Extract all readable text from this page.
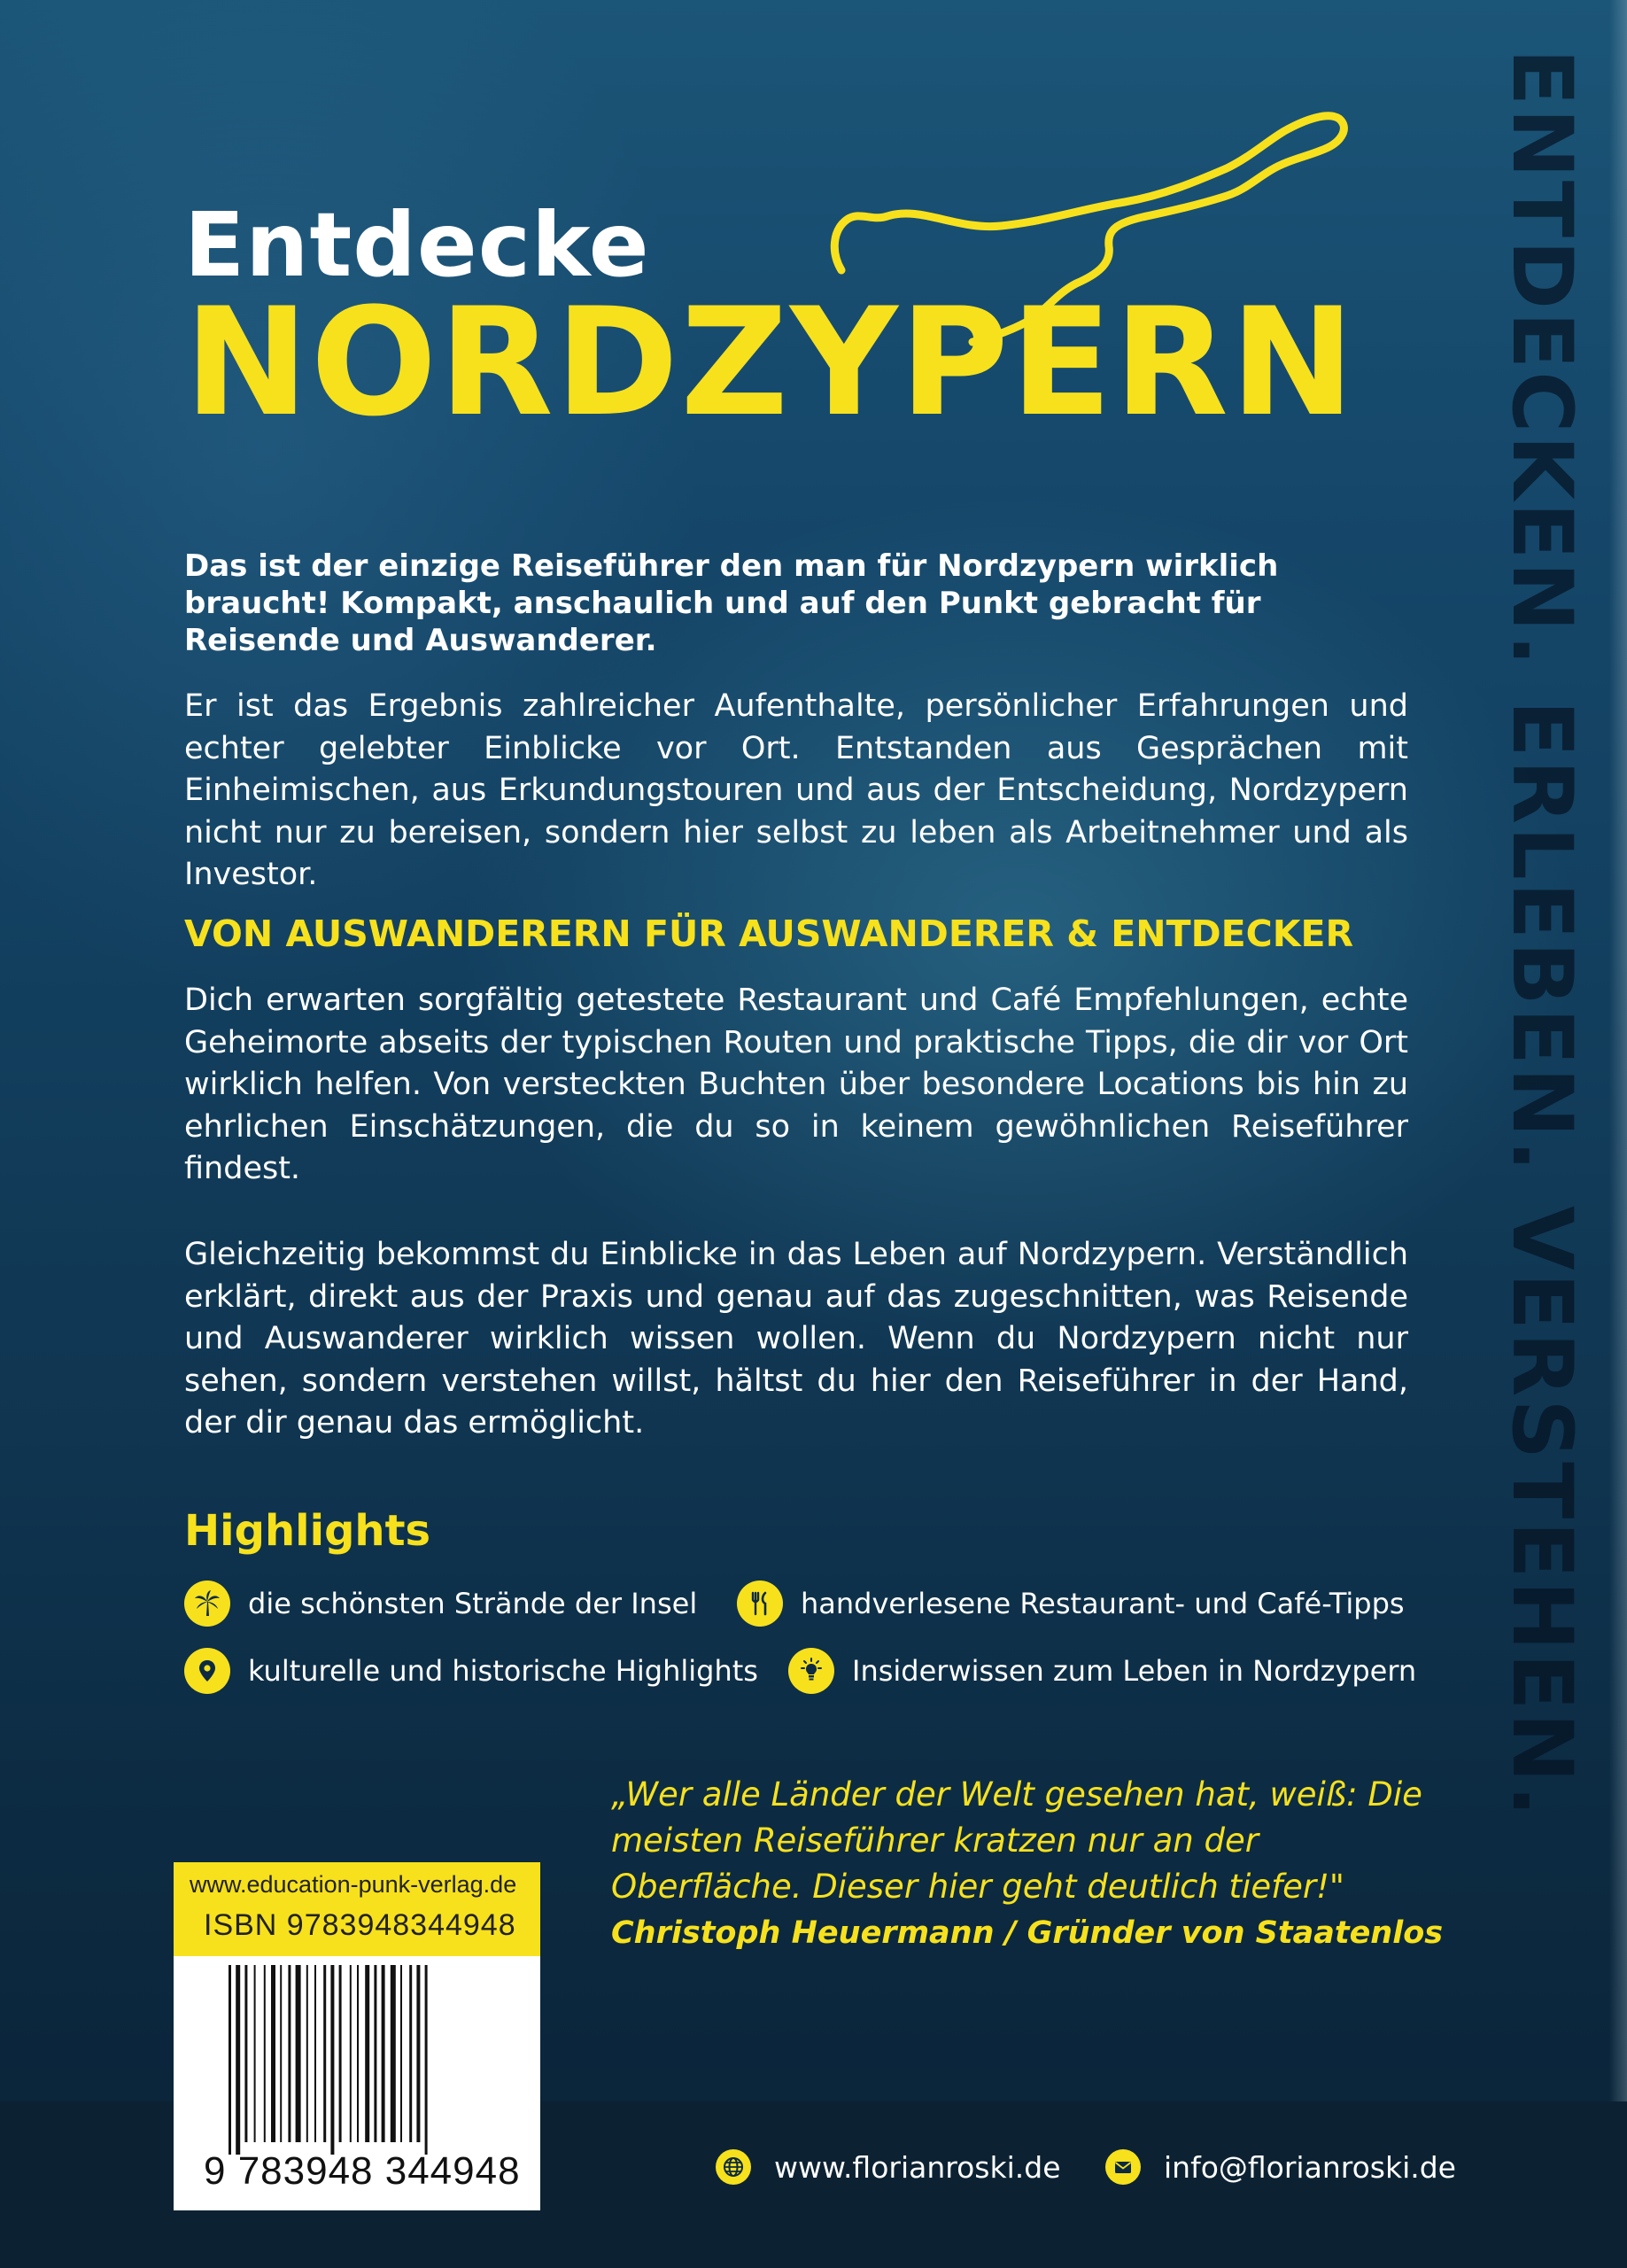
ENTDECKEN. ERLEBEN. VERSTEHEN.
Entdecke
NORDZYPERN

Das ist der einzige Reiseführer den man für Nordzypern wirklich braucht! Kompakt, anschaulich und auf den Punkt gebracht für Reisende und Auswanderer.

Er ist das Ergebnis zahlreicher Aufenthalte, persönlicher Erfahrungen und echter gelebter Einblicke vor Ort. Entstanden aus Gesprächen mit Einheimischen, aus Erkundungstouren und aus der Entscheidung, Nordzypern nicht nur zu bereisen, sondern hier selbst zu leben als Arbeitnehmer und als Investor.

VON AUSWANDERERN FÜR AUSWANDERER & ENTDECKER

Dich erwarten sorgfältig getestete Restaurant und Café Empfehlungen, echte Geheimorte abseits der typischen Routen und praktische Tipps, die dir vor Ort wirklich helfen. Von versteckten Buchten über besondere Locations bis hin zu ehrlichen Einschätzungen, die du so in keinem gewöhnlichen Reiseführer findest.

Gleichzeitig bekommst du Einblicke in das Leben auf Nordzypern. Verständlich erklärt, direkt aus der Praxis und genau auf das zugeschnitten, was Reisende und Auswanderer wirklich wissen wollen. Wenn du Nordzypern nicht nur sehen, sondern verstehen willst, hältst du hier den Reiseführer in der Hand, der dir genau das ermöglicht.

Highlights
die schönsten Strände der Insel	handverlesene Restaurant- und Café-Tipps
kulturelle und historische Highlights	Insiderwissen zum Leben in Nordzypern
„Wer alle Länder der Welt gesehen hat, weiß: Die meisten Reiseführer kratzen nur an der Oberfläche. Dieser hier geht deutlich tiefer!"
Christoph Heuermann / Gründer von Staatenlos
www.florianroski.de	info@florianroski.de
www.education-punk-verlag.de
ISBN 9783948344948
9 783948 344948
